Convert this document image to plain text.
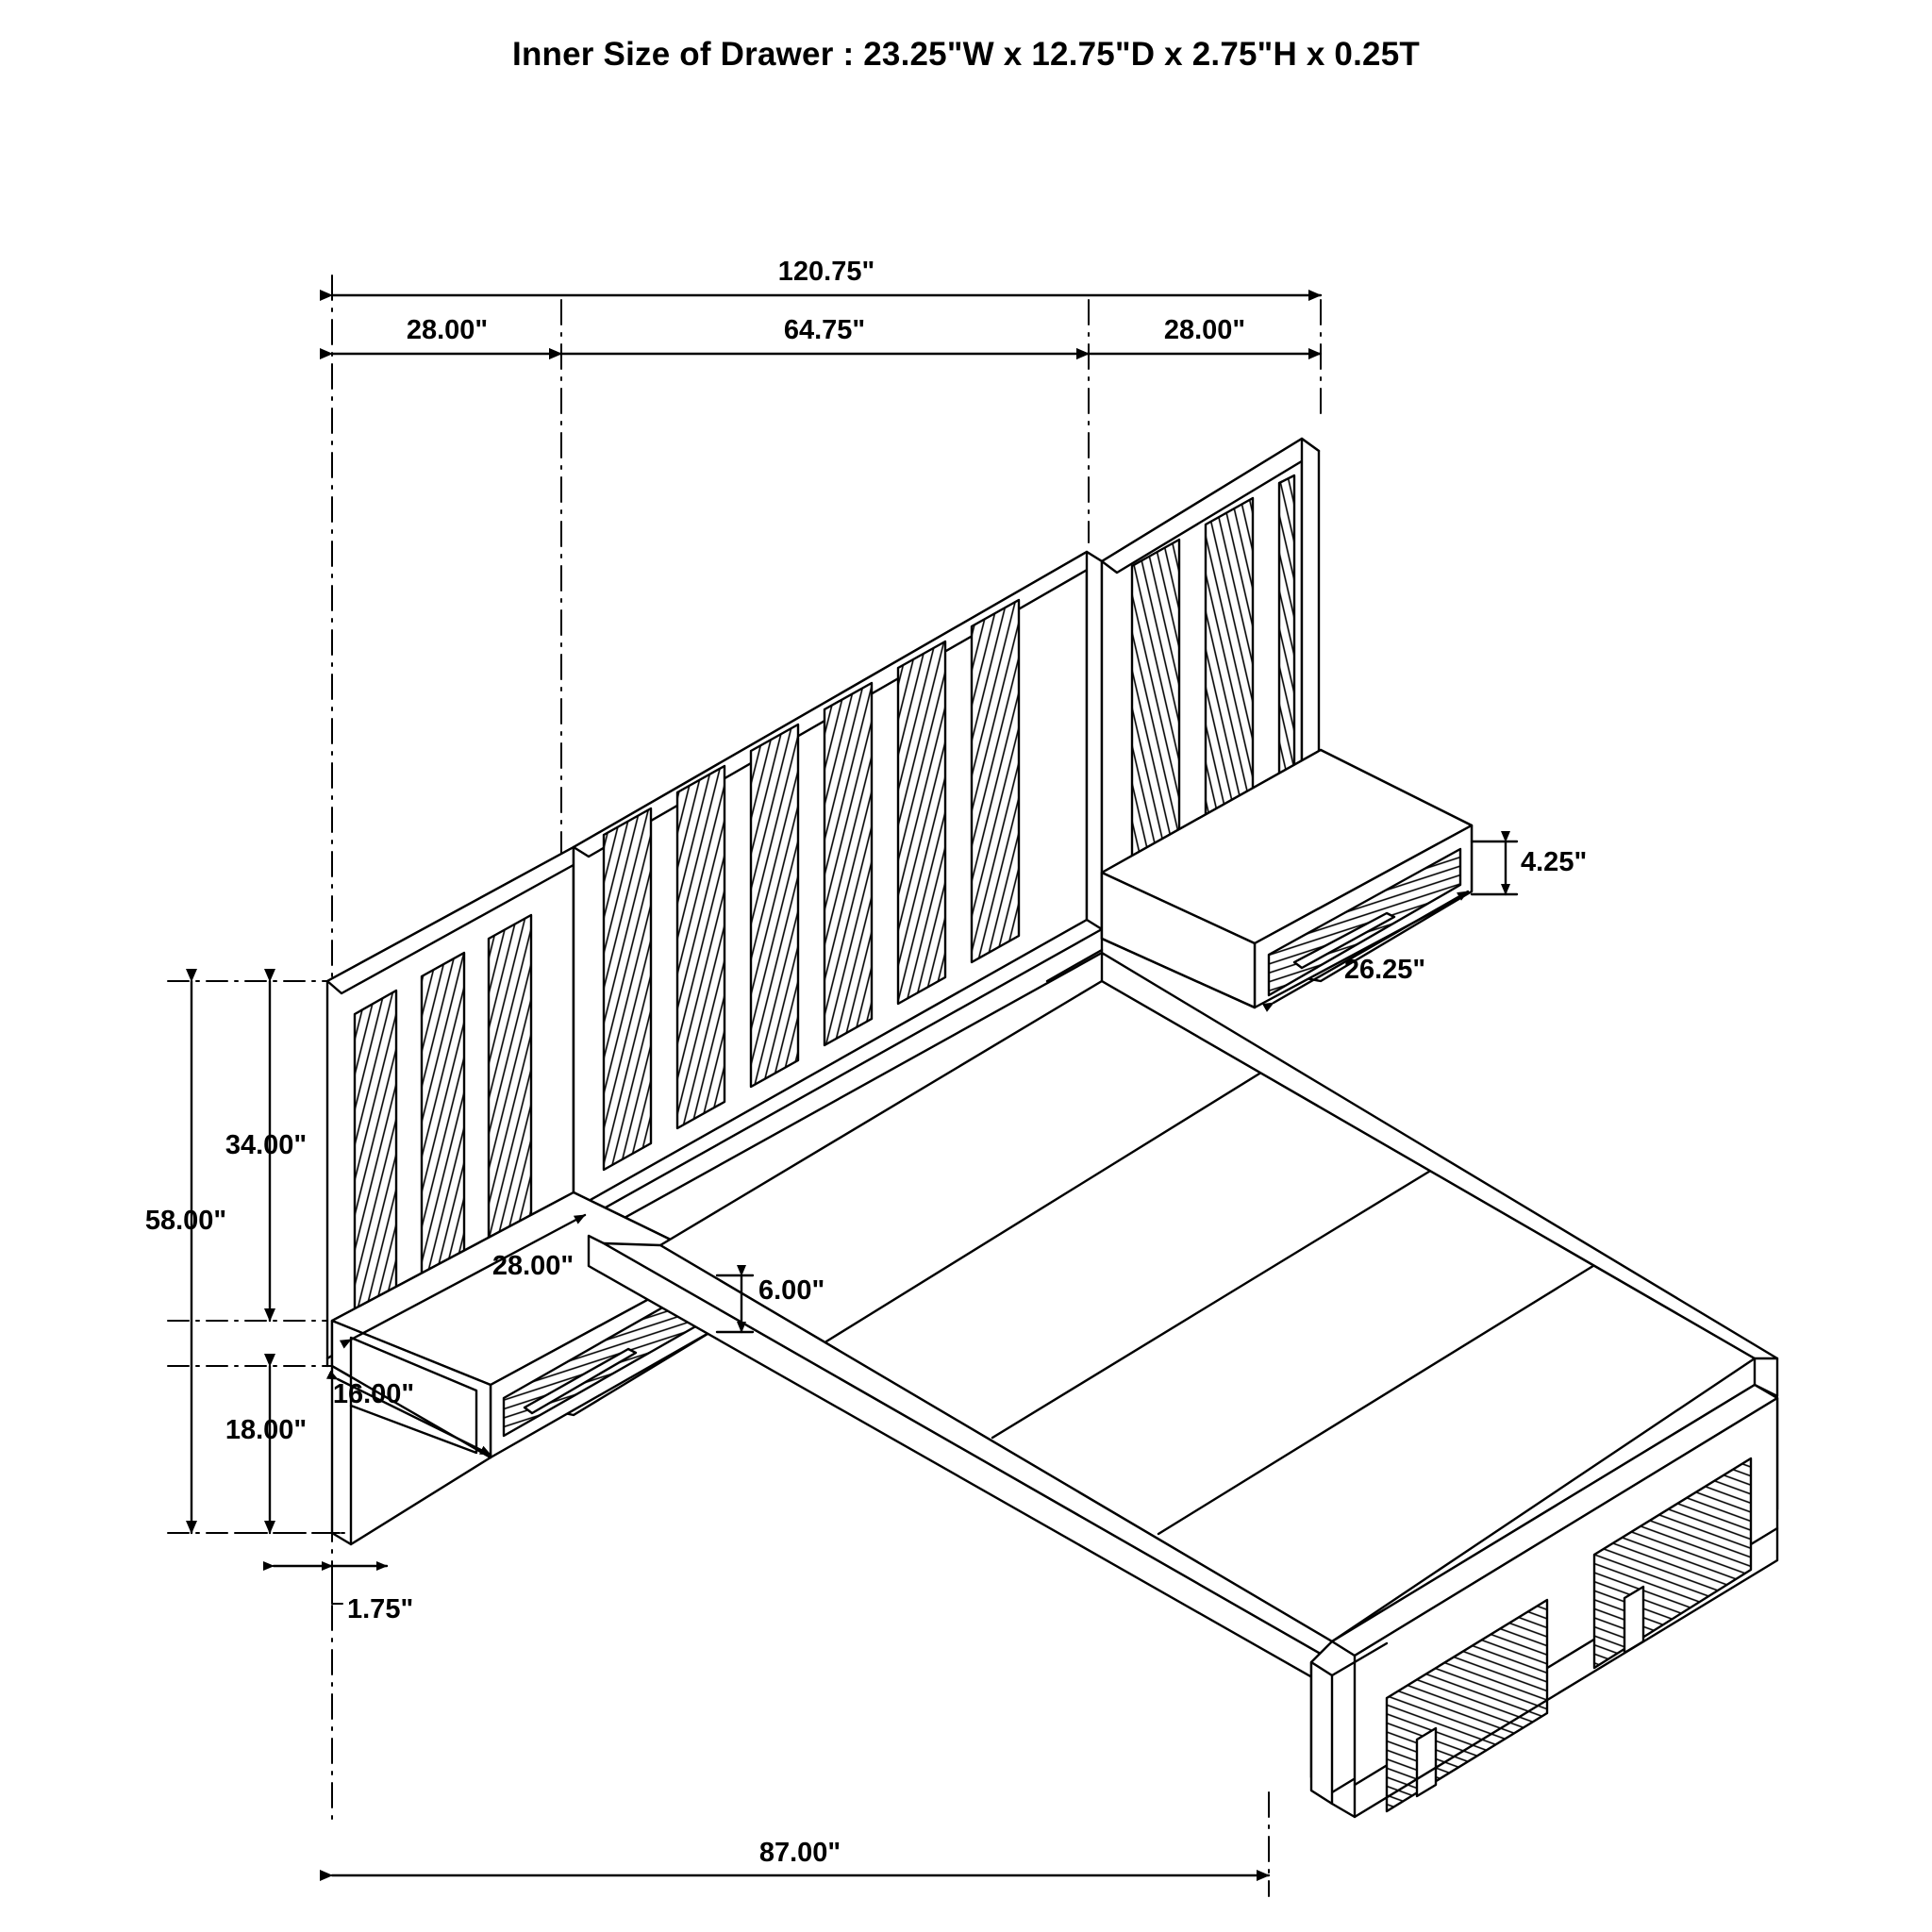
Inner Size of Drawer : 23.25"W x 12.75"D x 2.75"H x 0.25T
120.75"
28.00"	64.75"	28.00"
4.25"
26.25"
28.00"
6.00"
16.00"
34.00"
58.00"
18.00"
1.75"
87.00"
